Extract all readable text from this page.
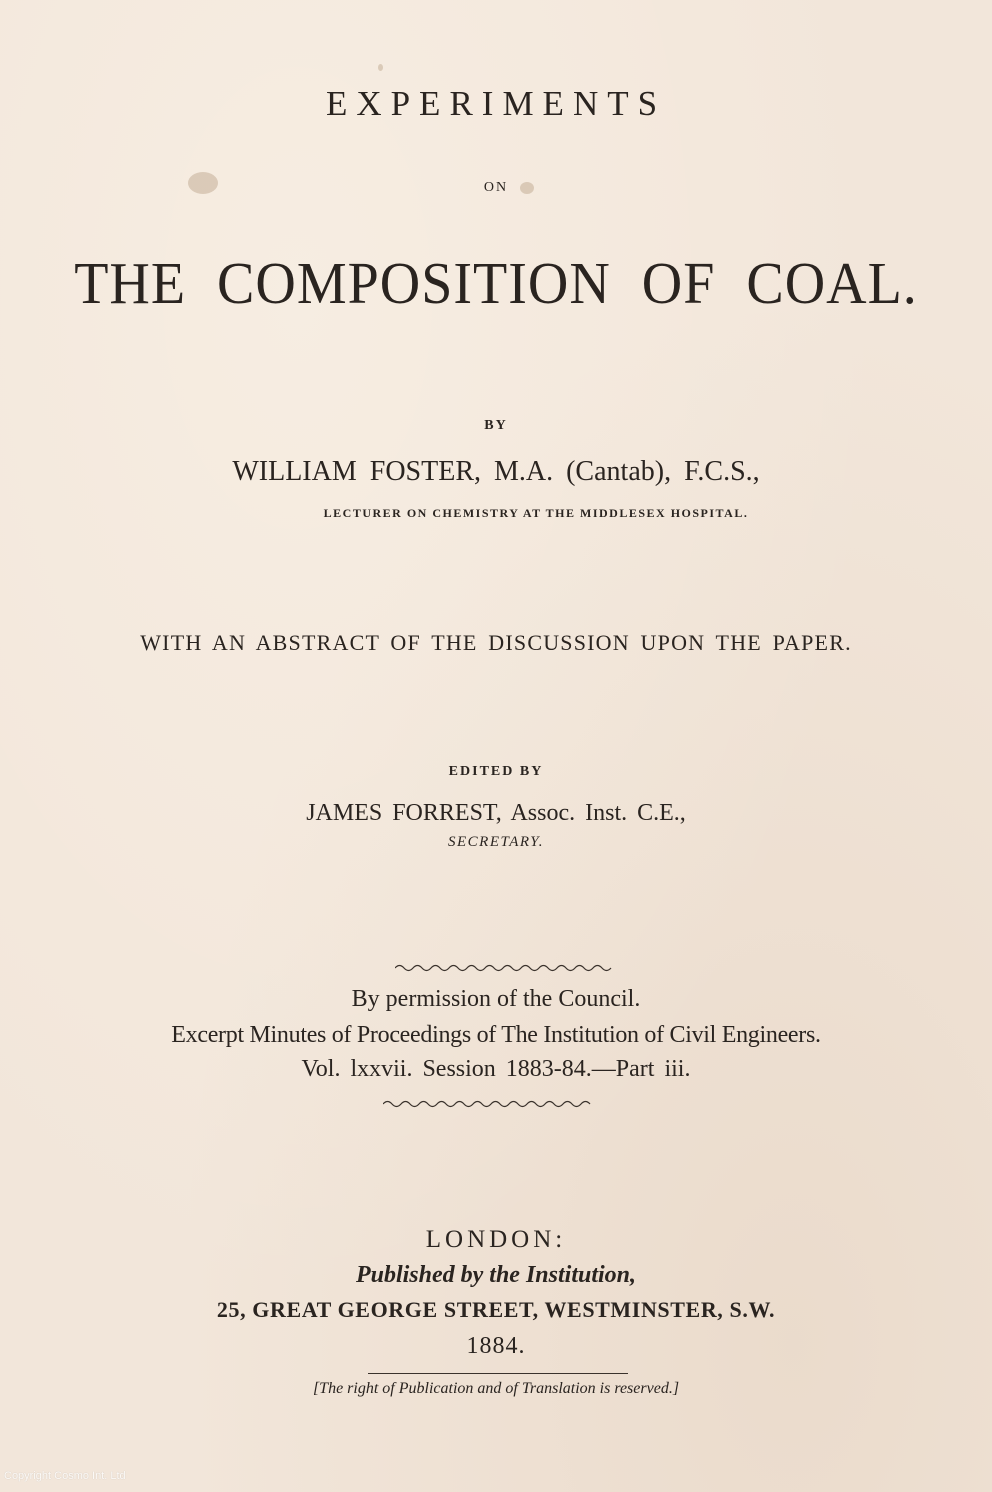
EXPERIMENTS
ON
THE COMPOSITION OF COAL.
BY
WILLIAM FOSTER, M.A. (Cantab), F.C.S.,
LECTURER ON CHEMISTRY AT THE MIDDLESEX HOSPITAL.
WITH AN ABSTRACT OF THE DISCUSSION UPON THE PAPER.
EDITED BY
JAMES FORREST, Assoc. Inst. C.E.,
SECRETARY.
By permission of the Council.
Excerpt Minutes of Proceedings of The Institution of Civil Engineers.
Vol. lxxvii. Session 1883-84.—Part iii.
LONDON:
Published by the Institution,
25, GREAT GEORGE STREET, WESTMINSTER, S.W.
1884.
[The right of Publication and of Translation is reserved.]
Copyright Cosmo Int. Ltd
